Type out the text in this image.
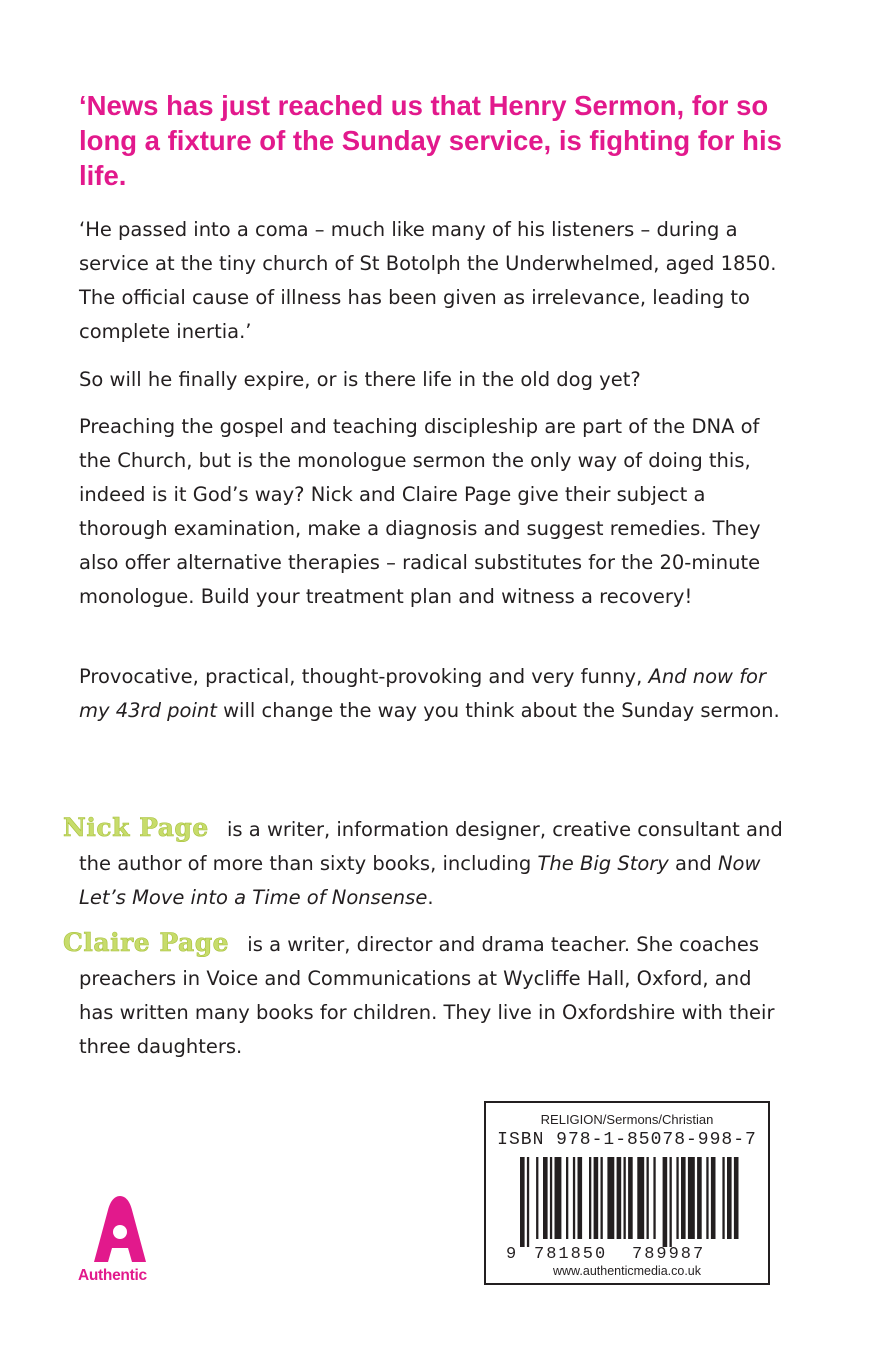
‘News has just reached us that Henry Sermon, for so long a fixture of the Sunday service, is fighting for his life.

‘He passed into a coma – much like many of his listeners – during a service at the tiny church of St Botolph the Underwhelmed, aged 1850. The official cause of illness has been given as irrelevance, leading to complete inertia.’

So will he finally expire, or is there life in the old dog yet?

Preaching the gospel and teaching discipleship are part of the DNA of the Church, but is the monologue sermon the only way of doing this, indeed is it God’s way? Nick and Claire Page give their subject a thorough examination, make a diagnosis and suggest remedies. They also offer alternative therapies – radical substitutes for the 20-minute monologue. Build your treatment plan and witness a recovery!

Provocative, practical, thought-provoking and very funny, And now for my 43rd point will change the way you think about the Sunday sermon.

Nick Page is a writer, information designer, creative consultant and the author of more than sixty books, including The Big Story and Now Let’s Move into a Time of Nonsense.

Claire Page is a writer, director and drama teacher. She coaches preachers in Voice and Communications at Wycliffe Hall, Oxford, and has written many books for children. They live in Oxfordshire with their three daughters.

RELIGION/Sermons/Christian
ISBN 978-1-85078-998-7
9 781850 789987
www.authenticmedia.co.uk
Authentic
